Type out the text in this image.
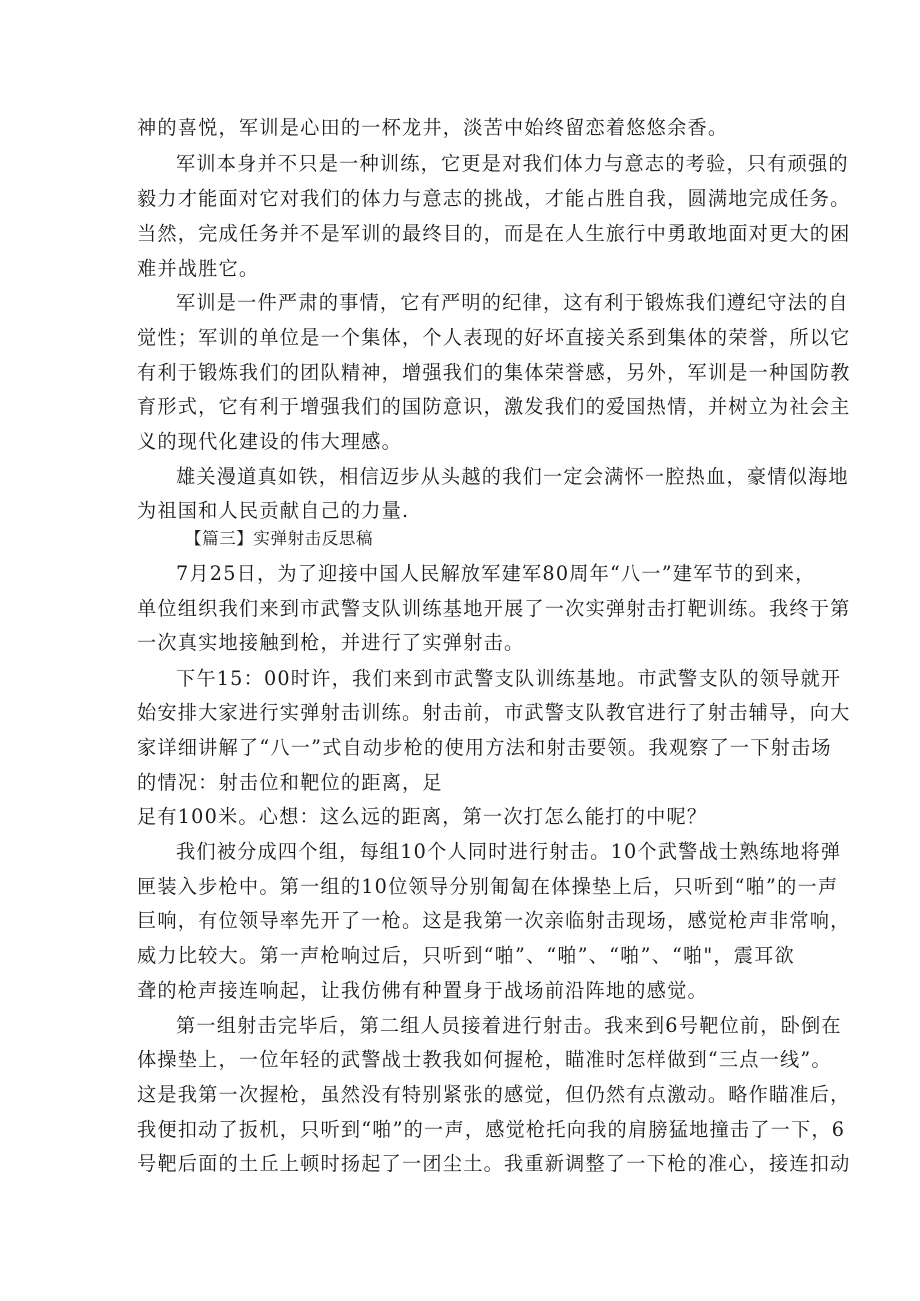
神的喜悦，军训是心田的一杯龙井，淡苦中始终留恋着悠悠余香。
军训本身并不只是一种训练，它更是对我们体力与意志的考验，只有顽强的
毅力才能面对它对我们的体力与意志的挑战，才能占胜自我，圆满地完成任务。
当然，完成任务并不是军训的最终目的，而是在人生旅行中勇敢地面对更大的困
难并战胜它。
军训是一件严肃的事情，它有严明的纪律，这有利于锻炼我们遵纪守法的自
觉性；军训的单位是一个集体，个人表现的好坏直接关系到集体的荣誉，所以它
有利于锻炼我们的团队精神，增强我们的集体荣誉感，另外，军训是一种国防教
育形式，它有利于增强我们的国防意识，激发我们的爱国热情，并树立为社会主
义的现代化建设的伟大理感。
雄关漫道真如铁，相信迈步从头越的我们一定会满怀一腔热血，豪情似海地
为祖国和人民贡献自己的力量.
【篇三】实弹射击反思稿
7月25日，为了迎接中国人民解放军建军80周年“八一”建军节的到来，
单位组织我们来到市武警支队训练基地开展了一次实弹射击打靶训练。我终于第
一次真实地接触到枪，并进行了实弹射击。
下午15：00时许，我们来到市武警支队训练基地。市武警支队的领导就开
始安排大家进行实弹射击训练。射击前，市武警支队教官进行了射击辅导，向大
家详细讲解了“八一”式自动步枪的使用方法和射击要领。我观察了一下射击场
的情况：射击位和靶位的距离，足
足有100米。心想：这么远的距离，第一次打怎么能打的中呢？
我们被分成四个组，每组10个人同时进行射击。10个武警战士熟练地将弹
匣装入步枪中。第一组的10位领导分别匍匐在体操垫上后，只听到“啪”的一声
巨响，有位领导率先开了一枪。这是我第一次亲临射击现场，感觉枪声非常响，
威力比较大。第一声枪响过后，只听到“啪”、“啪”、“啪”、“啪"，震耳欲
聋的枪声接连响起，让我仿佛有种置身于战场前沿阵地的感觉。
第一组射击完毕后，第二组人员接着进行射击。我来到6号靶位前，卧倒在
体操垫上，一位年轻的武警战士教我如何握枪，瞄准时怎样做到“三点一线”。
这是我第一次握枪，虽然没有特别紧张的感觉，但仍然有点激动。略作瞄准后，
我便扣动了扳机，只听到“啪”的一声，感觉枪托向我的肩膀猛地撞击了一下，6
号靶后面的土丘上顿时扬起了一团尘土。我重新调整了一下枪的准心，接连扣动
